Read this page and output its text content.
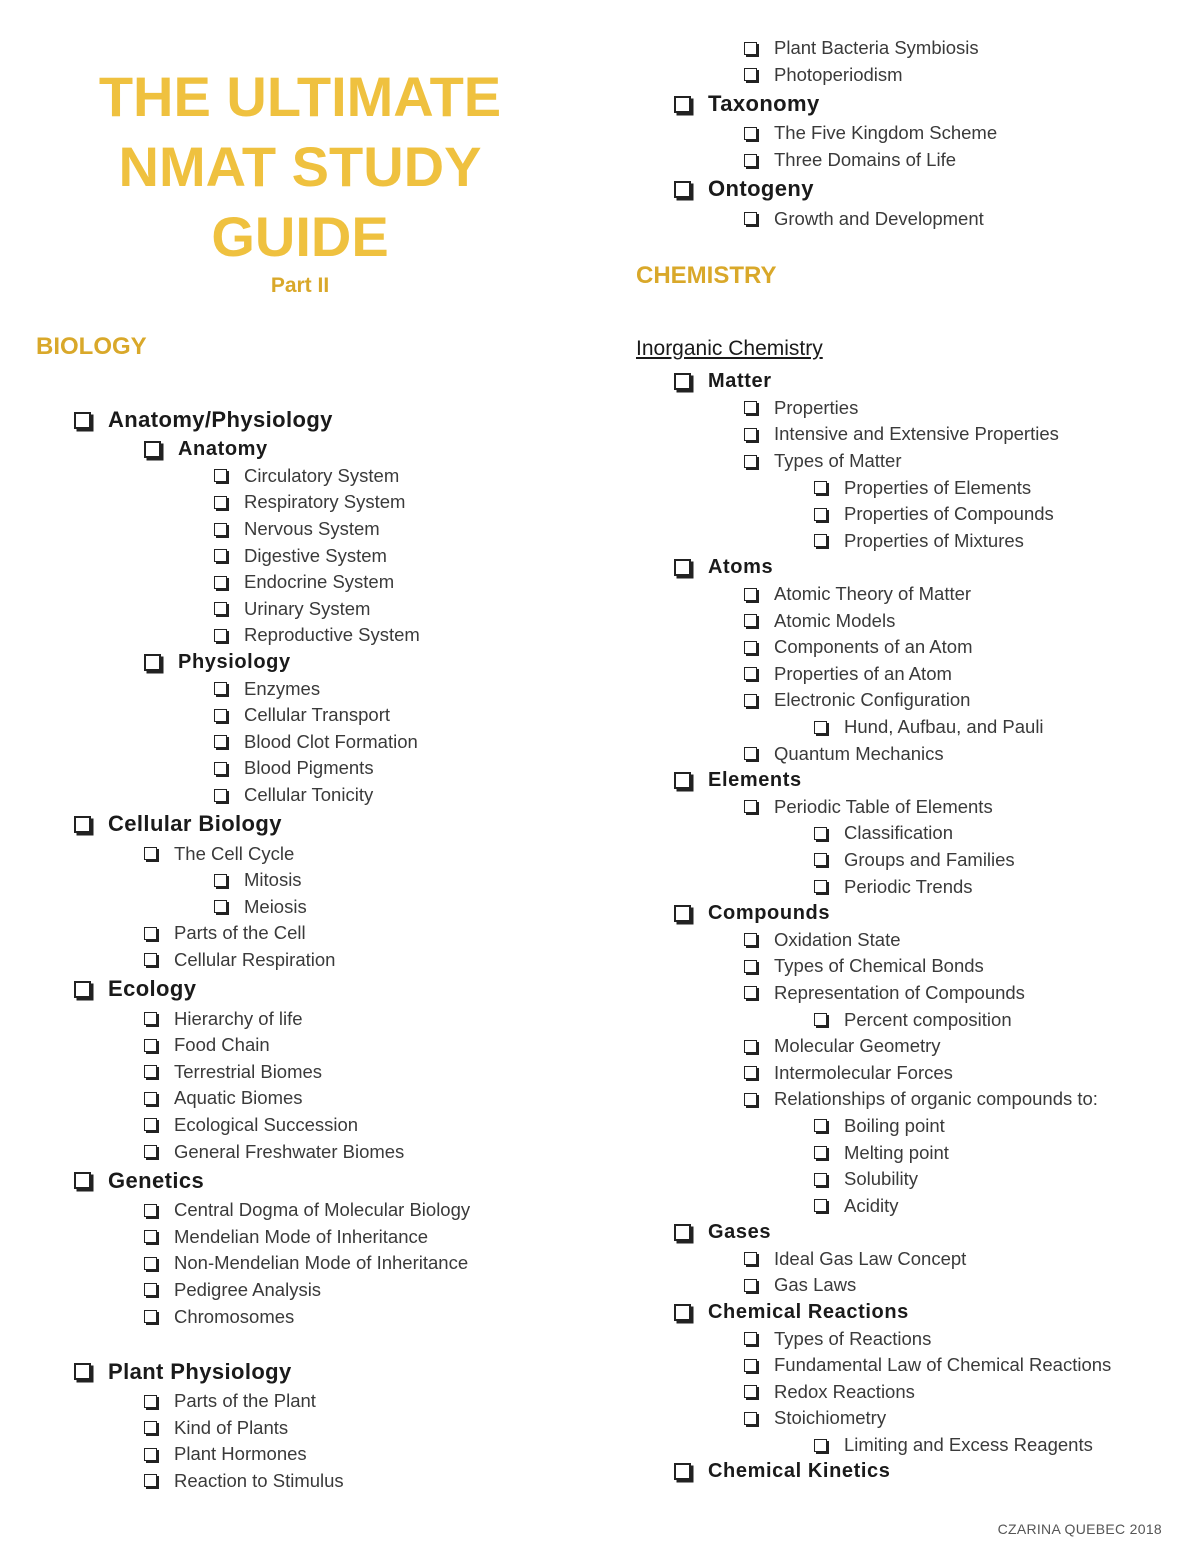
THE ULTIMATE
NMAT STUDY
GUIDE
Part II
BIOLOGY
Anatomy/Physiology
Anatomy
Circulatory System
Respiratory System
Nervous System
Digestive System
Endocrine System
Urinary System
Reproductive System
Physiology
Enzymes
Cellular Transport
Blood Clot Formation
Blood Pigments
Cellular Tonicity
Cellular Biology
The Cell Cycle
Mitosis
Meiosis
Parts of the Cell
Cellular Respiration
Ecology
Hierarchy of life
Food Chain
Terrestrial Biomes
Aquatic Biomes
Ecological Succession
General Freshwater Biomes
Genetics
Central Dogma of Molecular Biology
Mendelian Mode of Inheritance
Non-Mendelian Mode of Inheritance
Pedigree Analysis
Chromosomes
Plant Physiology
Parts of the Plant
Kind of Plants
Plant Hormones
Reaction to Stimulus
Plant Bacteria Symbiosis
Photoperiodism
Taxonomy
The Five Kingdom Scheme
Three Domains of Life
Ontogeny
Growth and Development
CHEMISTRY
Inorganic Chemistry
Matter
Properties
Intensive and Extensive Properties
Types of Matter
Properties of Elements
Properties of Compounds
Properties of Mixtures
Atoms
Atomic Theory of Matter
Atomic Models
Components of an Atom
Properties of an Atom
Electronic Configuration
Hund, Aufbau, and Pauli
Quantum Mechanics
Elements
Periodic Table of Elements
Classification
Groups and Families
Periodic Trends
Compounds
Oxidation State
Types of Chemical Bonds
Representation of Compounds
Percent composition
Molecular Geometry
Intermolecular Forces
Relationships of organic compounds to:
Boiling point
Melting point
Solubility
Acidity
Gases
Ideal Gas Law Concept
Gas Laws
Chemical Reactions
Types of Reactions
Fundamental Law of Chemical Reactions
Redox Reactions
Stoichiometry
Limiting and Excess Reagents
Chemical Kinetics
CZARINA QUEBEC 2018
